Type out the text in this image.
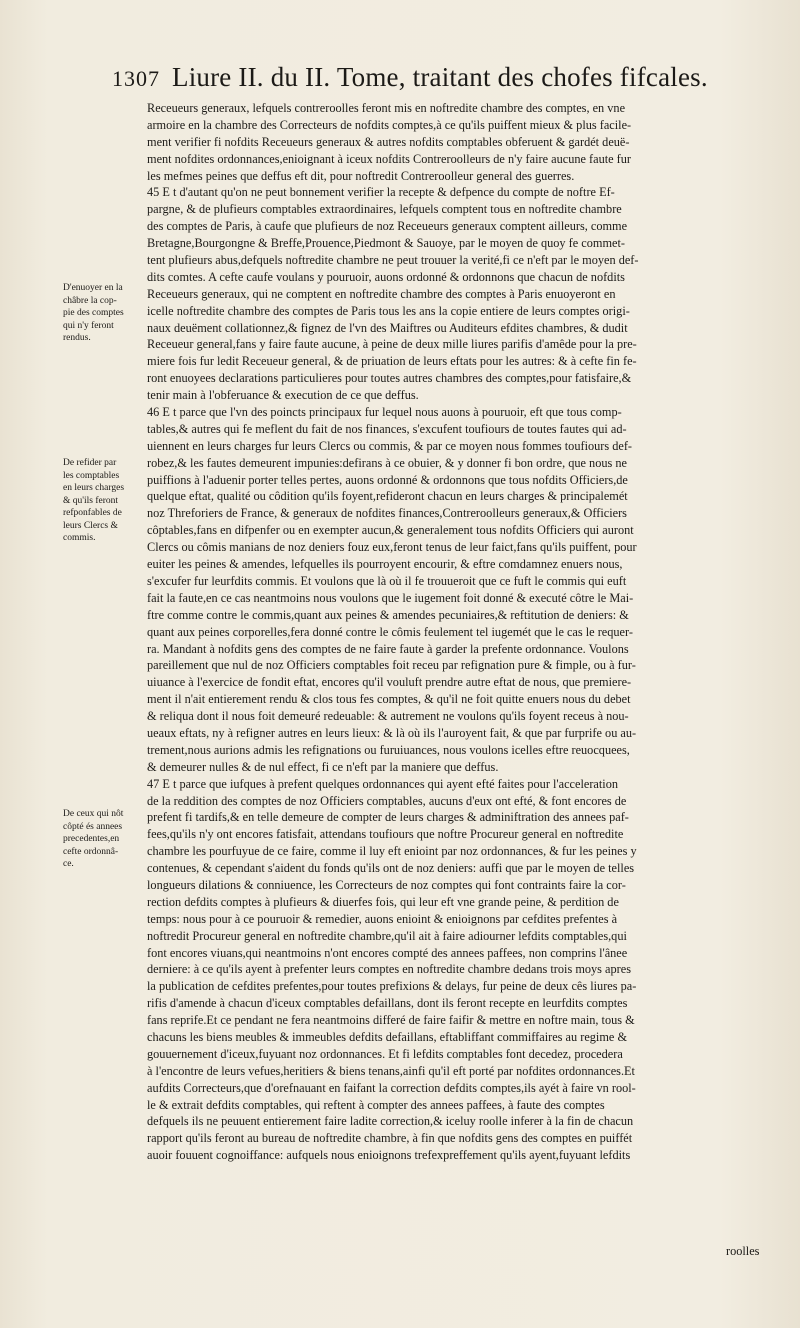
1307 Liure II. du II. Tome, traitant des chofes fifcales.
D'enuoyer en la
châbre la cop-
pie des comptes
qui n'y feront
rendus.
De refider par
les comptables
en leurs charges
& qu'ils feront
refponfables de
leurs Clercs &
commis.
De ceux qui nôt
côpté és annees
precedentes,en
cefte ordonnâ-
ce.
Receueurs generaux, lefquels contreroolles feront mis en noftredite chambre des comptes, en vne
armoire en la chambre des Correcteurs de nofdits comptes,à ce qu'ils puiffent mieux & plus facile-
ment verifier fi nofdits Receueurs generaux & autres nofdits comptables obferuent & gardét deuë-
ment nofdites ordonnances,enioignant à iceux nofdits Contreroolleurs de n'y faire aucune faute fur
les mefmes peines que deffus eft dit, pour noftredit Contreroolleur general des guerres.
45 E t d'autant qu'on ne peut bonnement verifier la recepte & defpence du compte de noftre Ef-
pargne, & de plufieurs comptables extraordinaires, lefquels comptent tous en noftredite chambre
des comptes de Paris, à caufe que plufieurs de noz Receueurs generaux comptent ailleurs, comme
Bretagne,Bourgongne & Breffe,Prouence,Piedmont & Sauoye, par le moyen de quoy fe commet-
tent plufieurs abus,defquels noftredite chambre ne peut trouuer la verité,fi ce n'eft par le moyen def-
dits comtes. A cefte caufe voulans y pouruoir, auons ordonné & ordonnons que chacun de nofdits
Receueurs generaux, qui ne comptent en noftredite chambre des comptes à Paris enuoyeront en
icelle noftredite chambre des comptes de Paris tous les ans la copie entiere de leurs comptes origi-
naux deuëment collationnez,& fignez de l'vn des Maiftres ou Auditeurs efdites chambres, & dudit
Receueur general,fans y faire faute aucune, à peine de deux mille liures parifis d'amêde pour la pre-
miere fois fur ledit Receueur general, & de priuation de leurs eftats pour les autres: & à cefte fin fe-
ront enuoyees declarations particulieres pour toutes autres chambres des comptes,pour fatisfaire,&
tenir main à l'obferuance & execution de ce que deffus.
46 E t parce que l'vn des poincts principaux fur lequel nous auons à pouruoir, eft que tous comp-
tables,& autres qui fe meflent du fait de nos finances, s'excufent toufiours de toutes fautes qui ad-
uiennent en leurs charges fur leurs Clercs ou commis, & par ce moyen nous fommes toufiours def-
robez,& les fautes demeurent impunies:defirans à ce obuier, & y donner fi bon ordre, que nous ne
puiffions à l'aduenir porter telles pertes, auons ordonné & ordonnons que tous nofdits Officiers,de
quelque eftat, qualité ou côdition qu'ils foyent,refideront chacun en leurs charges & principalemét
noz Threforiers de France, & generaux de nofdites finances,Contreroolleurs generaux,& Officiers
côptables,fans en difpenfer ou en exempter aucun,& generalement tous nofdits Officiers qui auront
Clercs ou cômis manians de noz deniers fouz eux,feront tenus de leur faict,fans qu'ils puiffent, pour
euiter les peines & amendes, lefquelles ils pourroyent encourir, & eftre comdamnez enuers nous,
s'excufer fur leurfdits commis. Et voulons que là où il fe trouueroit que ce fuft le commis qui euft
fait la faute,en ce cas neantmoins nous voulons que le iugement foit donné & executé côtre le Mai-
ftre comme contre le commis,quant aux peines & amendes pecuniaires,& reftitution de deniers: &
quant aux peines corporelles,fera donné contre le cômis feulement tel iugemét que le cas le requer-
ra. Mandant à nofdits gens des comptes de ne faire faute à garder la prefente ordonnance. Voulons
pareillement que nul de noz Officiers comptables foit receu par refignation pure & fimple, ou à fur-
uiuance à l'exercice de fondit eftat, encores qu'il vouluft prendre autre eftat de nous, que premiere-
ment il n'ait entierement rendu & clos tous fes comptes, & qu'il ne foit quitte enuers nous du debet
& reliqua dont il nous foit demeuré redeuable: & autrement ne voulons qu'ils foyent receus à nou-
ueaux eftats, ny à refigner autres en leurs lieux: & là où ils l'auroyent fait, & que par furprife ou au-
trement,nous aurions admis les refignations ou furuiuances, nous voulons icelles eftre reuocquees,
& demeurer nulles & de nul effect, fi ce n'eft par la maniere que deffus.
47 E t parce que iufques à prefent quelques ordonnances qui ayent efté faites pour l'acceleration
de la reddition des comptes de noz Officiers comptables, aucuns d'eux ont efté, & font encores de
prefent fi tardifs,& en telle demeure de compter de leurs charges & adminiftration des annees paf-
fees,qu'ils n'y ont encores fatisfait, attendans toufiours que noftre Procureur general en noftredite
chambre les pourfuyue de ce faire, comme il luy eft enioint par noz ordonnances, & fur les peines y
contenues, & cependant s'aident du fonds qu'ils ont de noz deniers: auffi que par le moyen de telles
longueurs dilations & conniuence, les Correcteurs de noz comptes qui font contraints faire la cor-
rection defdits comptes à plufieurs & diuerfes fois, qui leur eft vne grande peine, & perdition de
temps: nous pour à ce pouruoir & remedier, auons enioint & enioignons par cefdites prefentes à
noftredit Procureur general en noftredite chambre,qu'il ait à faire adiourner lefdits comptables,qui
font encores viuans,qui neantmoins n'ont encores compté des annees paffees, non comprins l'ânee
derniere: à ce qu'ils ayent à prefenter leurs comptes en noftredite chambre dedans trois moys apres
la publication de cefdites prefentes,pour toutes prefixions & delays, fur peine de deux cês liures pa-
rifis d'amende à chacun d'iceux comptables defaillans, dont ils feront recepte en leurfdits comptes
fans reprife.Et ce pendant ne fera neantmoins differé de faire faifir & mettre en noftre main, tous &
chacuns les biens meubles & immeubles defdits defaillans, eftabliffant commiffaires au regime &
gouuernement d'iceux,fuyuant noz ordonnances. Et fi lefdits comptables font decedez, procedera
à l'encontre de leurs vefues,heritiers & biens tenans,ainfi qu'il eft porté par nofdites ordonnances.Et
aufdits Correcteurs,que d'orefnauant en faifant la correction defdits comptes,ils ayét à faire vn rool-
le & extrait defdits comptables, qui reftent à compter des annees paffees, à faute des comptes
defquels ils ne peuuent entierement faire ladite correction,& iceluy roolle inferer à la fin de chacun
rapport qu'ils feront au bureau de noftredite chambre, à fin que nofdits gens des comptes en puiffét
auoir fouuent cognoiffance: aufquels nous enioignons trefexpreffement qu'ils ayent,fuyuant lefdits
roolles
